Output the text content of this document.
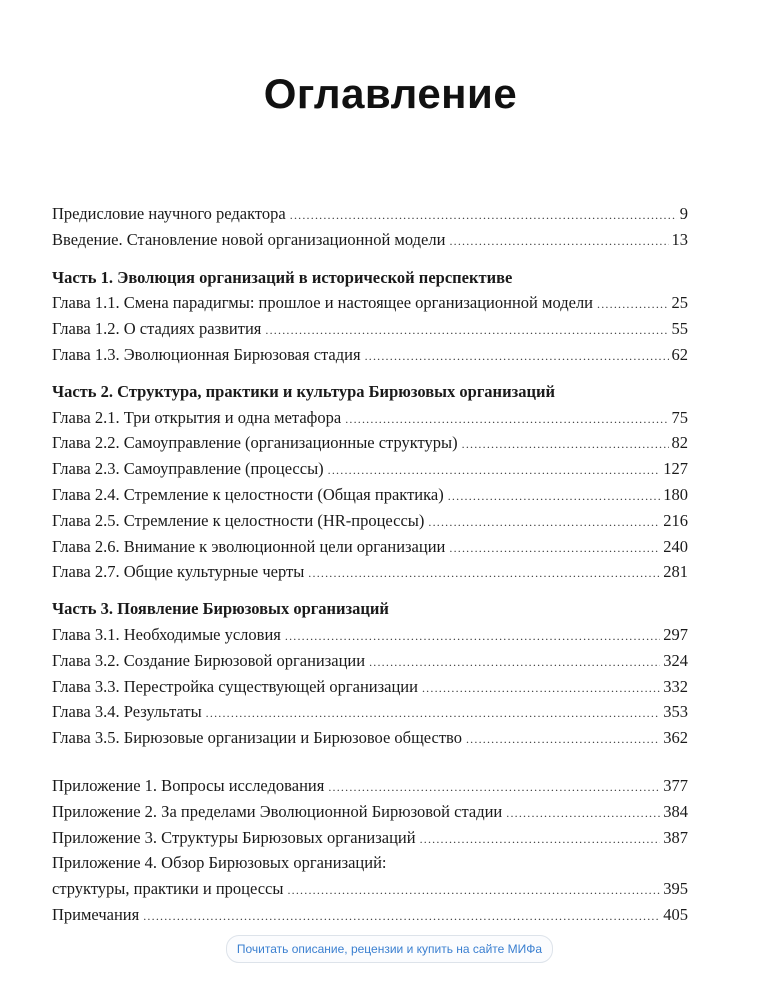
Оглавление
Предисловие научного редактора .....	9
Введение. Становление новой организационной модели .....	13
Часть 1. Эволюция организаций в исторической перспективе
Глава 1.1. Смена парадигмы: прошлое и настоящее организационной модели .....	25
Глава 1.2. О стадиях развития .....	55
Глава 1.3. Эволюционная Бирюзовая стадия .....	62
Часть 2. Структура, практики и культура Бирюзовых организаций
Глава 2.1. Три открытия и одна метафора .....	75
Глава 2.2. Самоуправление (организационные структуры) .....	82
Глава 2.3. Самоуправление (процессы) .....	127
Глава 2.4. Стремление к целостности (Общая практика) .....	180
Глава 2.5. Стремление к целостности (HR-процессы) .....	216
Глава 2.6. Внимание к эволюционной цели организации .....	240
Глава 2.7. Общие культурные черты .....	281
Часть 3. Появление Бирюзовых организаций
Глава 3.1. Необходимые условия .....	297
Глава 3.2. Создание Бирюзовой организации .....	324
Глава 3.3. Перестройка существующей организации .....	332
Глава 3.4. Результаты .....	353
Глава 3.5. Бирюзовые организации и Бирюзовое общество .....	362
Приложение 1. Вопросы исследования .....	377
Приложение 2. За пределами Эволюционной Бирюзовой стадии .....	384
Приложение 3. Структуры Бирюзовых организаций .....	387
Приложение 4. Обзор Бирюзовых организаций:
структуры, практики и процессы .....	395
Примечания .....	405
Почитать описание, рецензии и купить на сайте МИФа
